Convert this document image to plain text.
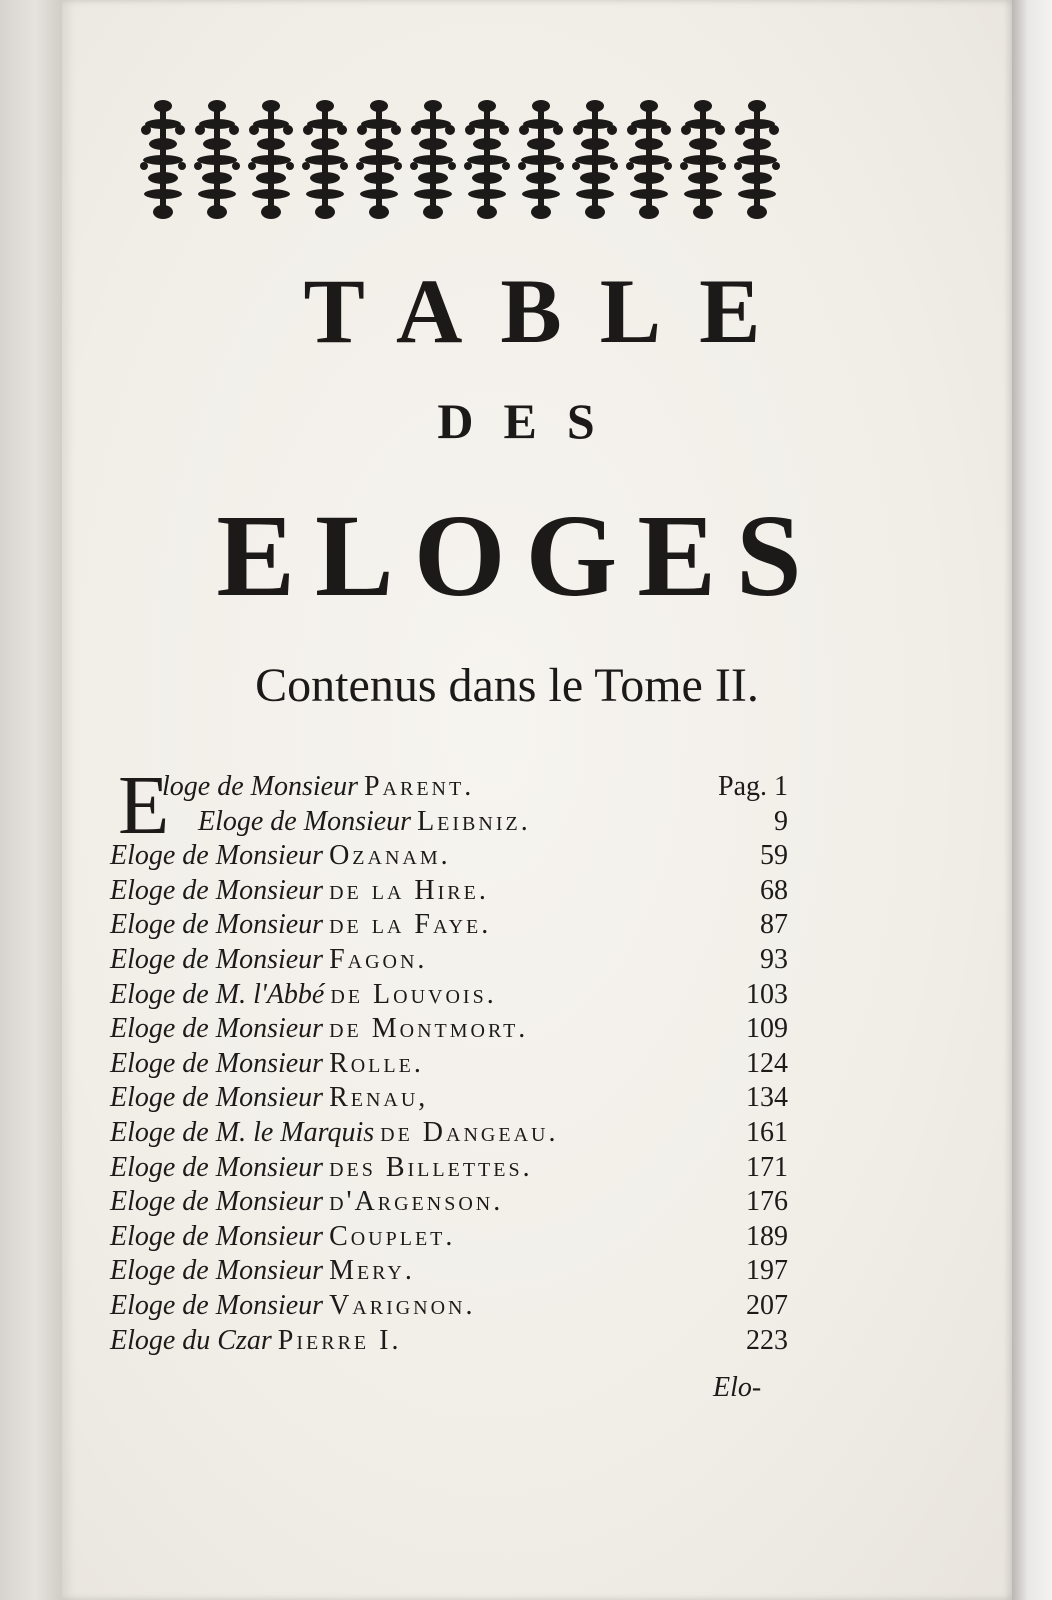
TABLE
DES
ELOGES
Contenus dans le Tome II.
E
loge de Monsieur Parent.	Pag. 1
Eloge de Monsieur Leibniz.	9
Eloge de Monsieur Ozanam.	59
Eloge de Monsieur de la Hire.	68
Eloge de Monsieur de la Faye.	87
Eloge de Monsieur Fagon.	93
Eloge de M. l'Abbé de Louvois.	103
Eloge de Monsieur de Montmort.	109
Eloge de Monsieur Rolle.	124
Eloge de Monsieur Renau,	134
Eloge de M. le Marquis de Dangeau.	161
Eloge de Monsieur des Billettes.	171
Eloge de Monsieur d'Argenson.	176
Eloge de Monsieur Couplet.	189
Eloge de Monsieur Mery.	197
Eloge de Monsieur Varignon.	207
Eloge du Czar Pierre I.	223
Elo-
